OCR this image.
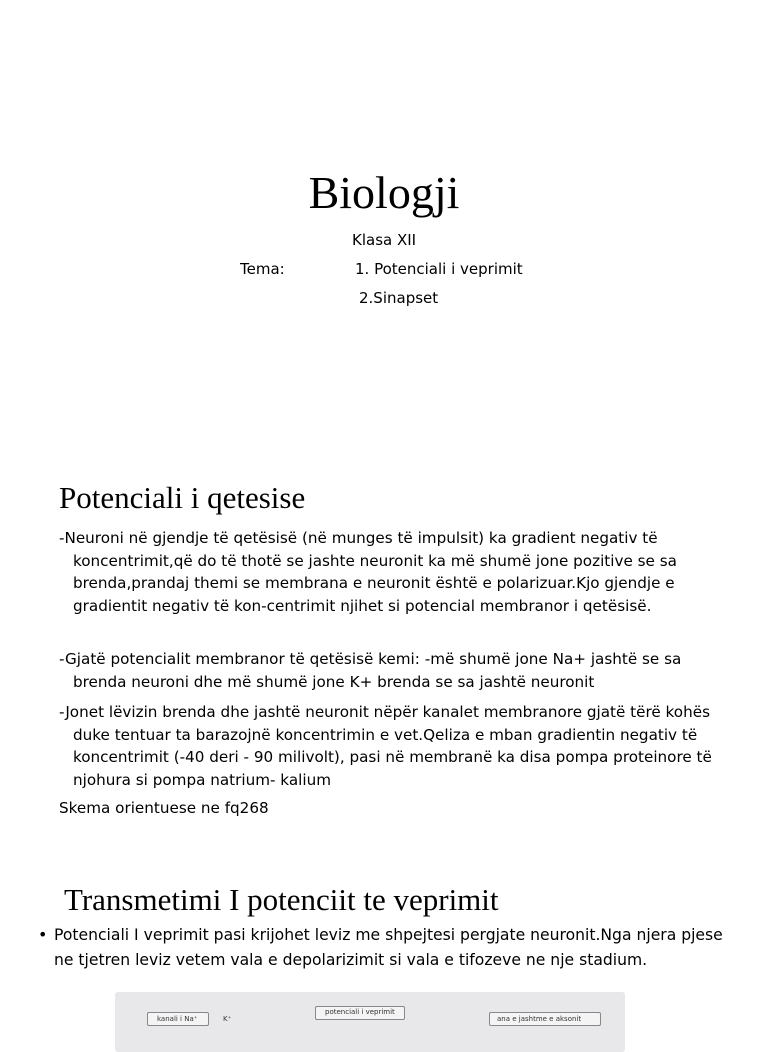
Biologji
Klasa XII
Tema:	1. Potenciali i veprimit
2.Sinapset
Potenciali i qetesise
-Neuroni në gjendje të qetësisë (në munges të impulsit) ka gradient negativ të koncentrimit,që do të thotë se jashte neuronit ka më shumë jone pozitive se sa brenda,prandaj themi se membrana e neuronit është e polarizuar.Kjo gjendje e gradientit negativ të kon-centrimit njihet si potencial membranor i qetësisë.
-Gjatë potencialit membranor të qetësisë kemi: -më shumë jone Na+ jashtë se sa brenda neuroni dhe më shumë jone K+ brenda se sa jashtë neuronit
-Jonet lëvizin brenda dhe jashtë neuronit nëpër kanalet membranore gjatë tërë kohës duke tentuar ta barazojnë koncentrimin e vet.Qeliza e mban gradientin negativ të koncentrimit (-40 deri - 90 milivolt), pasi në membranë ka disa pompa proteinore të njohura si pompa natrium- kalium
Skema orientuese ne fq268
Transmetimi I potenciit te veprimit
• Potenciali I veprimit pasi krijohet leviz me shpejtesi pergjate neuronit.Nga njera pjese ne tjetren leviz vetem vala e depolarizimit si vala e tifozeve ne nje stadium.
kanali i Na⁺	K⁺
potenciali i veprimit
ana e jashtme e aksonit
